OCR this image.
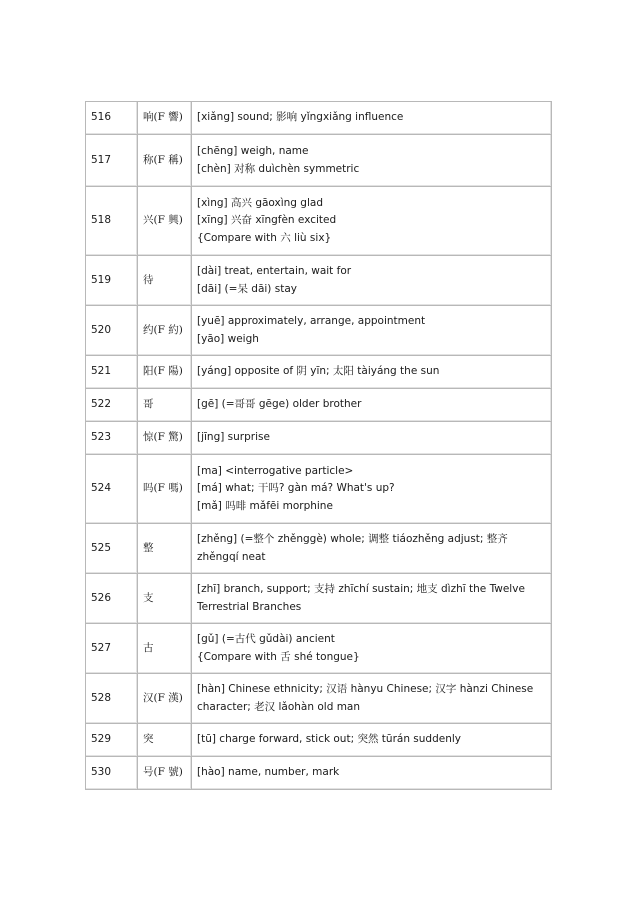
516	响(F 響)	[xiǎng] sound; 影响 yǐngxiǎng influence

517	称(F 稱)	[chēng] weigh, name
[chèn] 对称 duìchèn symmetric

518	兴(F 興)	[xìng] 高兴 gāoxìng glad
[xīng] 兴奋 xīngfèn excited
{Compare with 六 liù six}

519	待	[dài] treat, entertain, wait for
[dāi] (=呆 dāi) stay

520	约(F 約)	[yuē] approximately, arrange, appointment
[yāo] weigh

521	阳(F 陽)	[yáng] opposite of 阴 yīn; 太阳 tàiyáng the sun

522	哥	[gē] (=哥哥 gēge) older brother

523	惊(F 驚)	[jīng] surprise

524	吗(F 嗎)	[ma] <interrogative particle>
[má] what; 干吗? gàn má? What's up?
[mǎ] 吗啡 mǎfēi morphine

525	整	[zhěng] (=整个 zhěnggè) whole; 调整 tiáozhěng adjust; 整齐 zhěngqí neat

526	支	[zhī] branch, support; 支持 zhīchí sustain; 地支 dìzhī the Twelve Terrestrial Branches

527	古	[gǔ] (=古代 gǔdài) ancient
{Compare with 舌 shé tongue}

528	汉(F 漢)	[hàn] Chinese ethnicity; 汉语 hànyu Chinese; 汉字 hànzi Chinese character; 老汉 lǎohàn old man

529	突	[tū] charge forward, stick out; 突然 tūrán suddenly

530	号(F 號)	[hào] name, number, mark
